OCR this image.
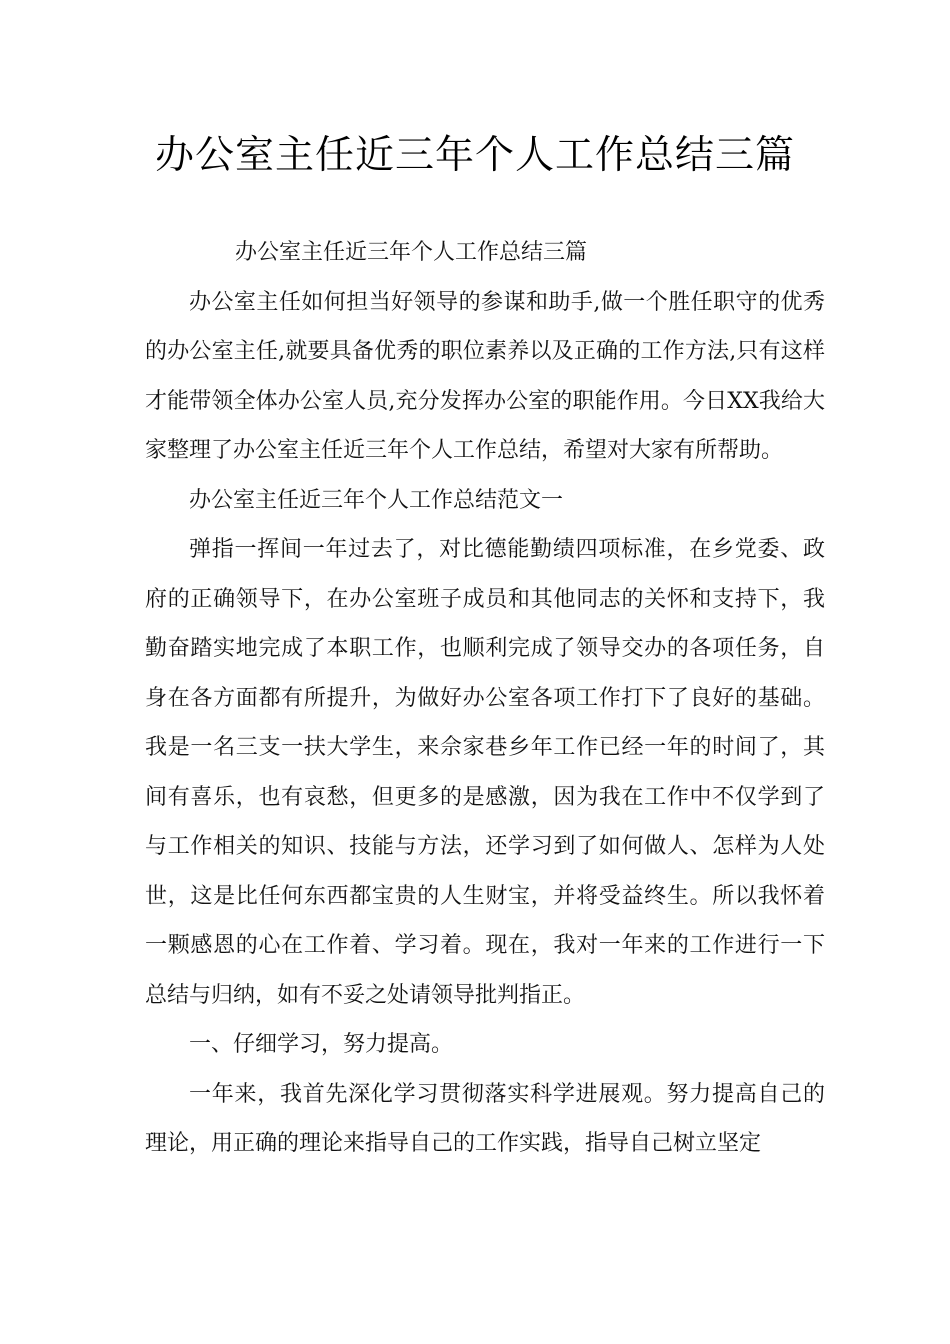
办公室主任近三年个人工作总结三篇

办公室主任近三年个人工作总结三篇

办公室主任如何担当好领导的参谋和助手,做一个胜任职守的优秀的办公室主任,就要具备优秀的职位素养以及正确的工作方法,只有这样才能带领全体办公室人员,充分发挥办公室的职能作用。今日XX我给大家整理了办公室主任近三年个人工作总结，希望对大家有所帮助。

办公室主任近三年个人工作总结范文一

弹指一挥间一年过去了，对比德能勤绩四项标准，在乡党委、政府的正确领导下，在办公室班子成员和其他同志的关怀和支持下，我勤奋踏实地完成了本职工作，也顺利完成了领导交办的各项任务，自身在各方面都有所提升，为做好办公室各项工作打下了良好的基础。我是一名三支一扶大学生，来佘家巷乡年工作已经一年的时间了，其间有喜乐，也有哀愁，但更多的是感激，因为我在工作中不仅学到了与工作相关的知识、技能与方法，还学习到了如何做人、怎样为人处世，这是比任何东西都宝贵的人生财宝，并将受益终生。所以我怀着一颗感恩的心在工作着、学习着。现在，我对一年来的工作进行一下总结与归纳，如有不妥之处请领导批判指正。

一、仔细学习，努力提高。

一年来，我首先深化学习贯彻落实科学进展观。努力提高自己的理论，用正确的理论来指导自己的工作实践，指导自己树立坚定
